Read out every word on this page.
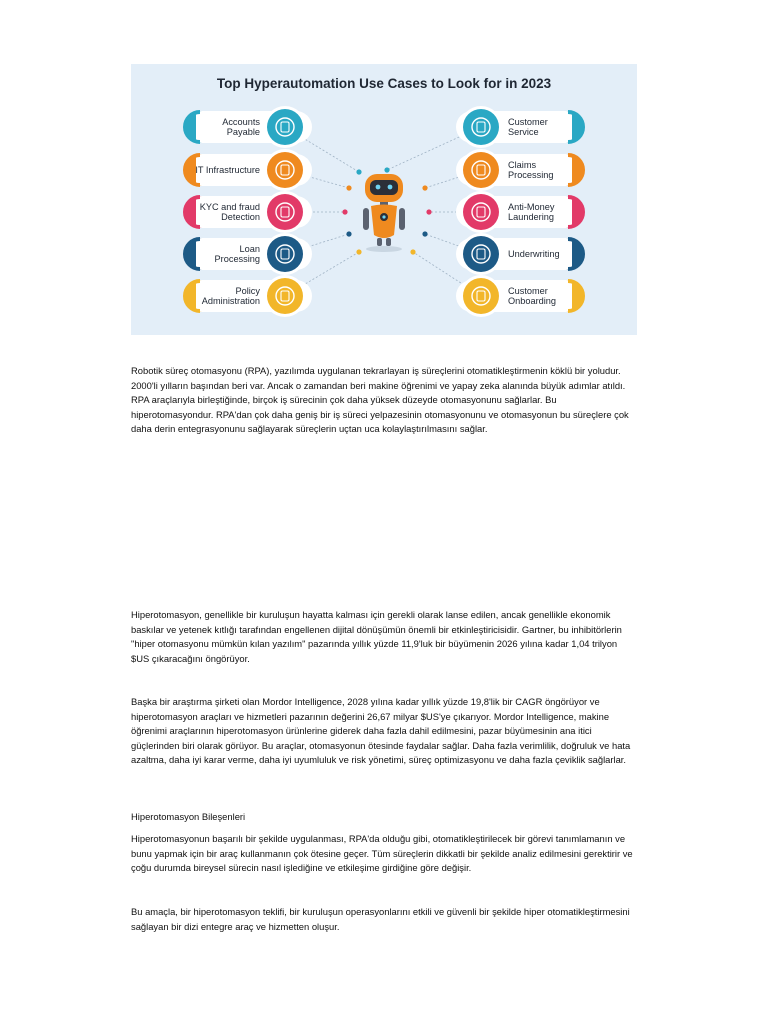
Top Hyperautomation Use Cases to Look for in 2023
Accounts
Payable
IT Infrastructure
KYC and fraud
Detection
Loan
Processing
Policy
Administration
Customer
Service
Claims
Processing
Anti-Money
Laundering
Underwriting
Customer
Onboarding

Robotik süreç otomasyonu (RPA), yazılımda uygulanan tekrarlayan iş süreçlerini otomatikleştirmenin köklü bir yoludur. 2000'li yılların başından beri var. Ancak o zamandan beri makine öğrenimi ve yapay zeka alanında büyük adımlar atıldı. RPA araçlarıyla birleştiğinde, birçok iş sürecinin çok daha yüksek düzeyde otomasyonunu sağlarlar. Bu hiperotomasyondur. RPA'dan çok daha geniş bir iş süreci yelpazesinin otomasyonunu ve otomasyonun bu süreçlere çok daha derin entegrasyonunu sağlayarak süreçlerin uçtan uca kolaylaştırılmasını sağlar.

Hiperotomasyon, genellikle bir kuruluşun hayatta kalması için gerekli olarak lanse edilen, ancak genellikle ekonomik baskılar ve yetenek kıtlığı tarafından engellenen dijital dönüşümün önemli bir etkinleştiricisidir. Gartner, bu inhibitörlerin "hiper otomasyonu mümkün kılan yazılım" pazarında yıllık yüzde 11,9'luk bir büyümenin 2026 yılına kadar 1,04 trilyon $US çıkaracağını öngörüyor.

Başka bir araştırma şirketi olan Mordor Intelligence, 2028 yılına kadar yıllık yüzde 19,8'lik bir CAGR öngörüyor ve hiperotomasyon araçları ve hizmetleri pazarının değerini 26,67 milyar $US'ye çıkarıyor. Mordor Intelligence, makine öğrenimi araçlarının hiperotomasyon ürünlerine giderek daha fazla dahil edilmesini, pazar büyümesinin ana itici güçlerinden biri olarak görüyor. Bu araçlar, otomasyonun ötesinde faydalar sağlar. Daha fazla verimlilik, doğruluk ve hata azaltma, daha iyi karar verme, daha iyi uyumluluk ve risk yönetimi, süreç optimizasyonu ve daha fazla çeviklik sağlarlar.

Hiperotomasyon Bileşenleri

Hiperotomasyonun başarılı bir şekilde uygulanması, RPA'da olduğu gibi, otomatikleştirilecek bir görevi tanımlamanın ve bunu yapmak için bir araç kullanmanın çok ötesine geçer. Tüm süreçlerin dikkatli bir şekilde analiz edilmesini gerektirir ve çoğu durumda bireysel sürecin nasıl işlediğine ve etkileşime girdiğine göre değişir.

Bu amaçla, bir hiperotomasyon teklifi, bir kuruluşun operasyonlarını etkili ve güvenli bir şekilde hiper otomatikleştirmesini sağlayan bir dizi entegre araç ve hizmetten oluşur.
